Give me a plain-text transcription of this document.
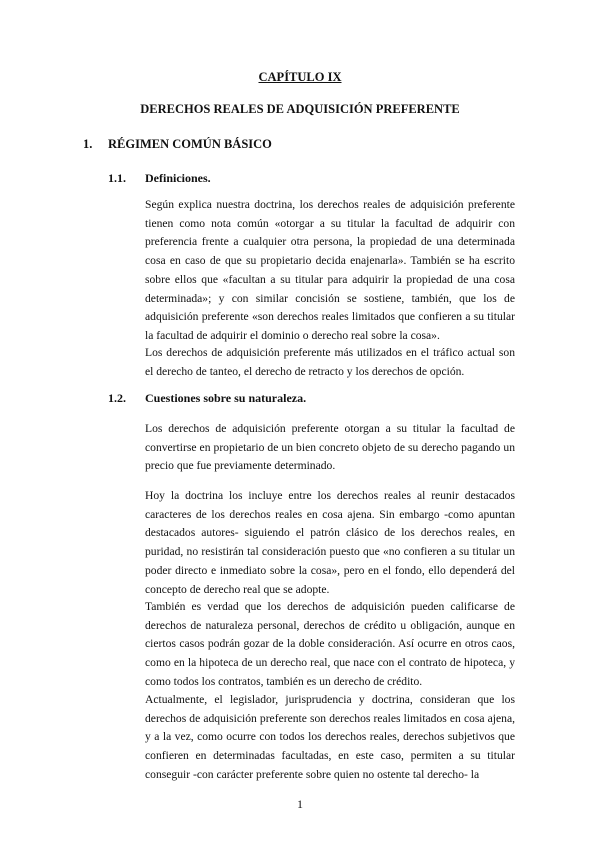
CAPÍTULO IX
DERECHOS REALES DE ADQUISICIÓN PREFERENTE
1. RÉGIMEN COMÚN BÁSICO
1.1. Definiciones.

Según explica nuestra doctrina, los derechos reales de adquisición preferente tienen como nota común «otorgar a su titular la facultad de adquirir con preferencia frente a cualquier otra persona, la propiedad de una determinada cosa en caso de que su propietario decida enajenarla». También se ha escrito sobre ellos que «facultan a su titular para adquirir la propiedad de una cosa determinada»; y con similar concisión se sostiene, también, que los de adquisición preferente «son derechos reales limitados que confieren a su titular la facultad de adquirir el dominio o derecho real sobre la cosa».

Los derechos de adquisición preferente más utilizados en el tráfico actual son el derecho de tanteo, el derecho de retracto y los derechos de opción.

1.2. Cuestiones sobre su naturaleza.

Los derechos de adquisición preferente otorgan a su titular la facultad de convertirse en propietario de un bien concreto objeto de su derecho pagando un precio que fue previamente determinado.

Hoy la doctrina los incluye entre los derechos reales al reunir destacados caracteres de los derechos reales en cosa ajena. Sin embargo -como apuntan destacados autores- siguiendo el patrón clásico de los derechos reales, en puridad, no resistirán tal consideración puesto que «no confieren a su titular un poder directo e inmediato sobre la cosa», pero en el fondo, ello dependerá del concepto de derecho real que se adopte.

También es verdad que los derechos de adquisición pueden calificarse de derechos de naturaleza personal, derechos de crédito u obligación, aunque en ciertos casos podrán gozar de la doble consideración. Así ocurre en otros caos, como en la hipoteca de un derecho real, que nace con el contrato de hipoteca, y como todos los contratos, también es un derecho de crédito.

Actualmente, el legislador, jurisprudencia y doctrina, consideran que los derechos de adquisición preferente son derechos reales limitados en cosa ajena, y a la vez, como ocurre con todos los derechos reales, derechos subjetivos que confieren en determinadas facultadas, en este caso, permiten a su titular conseguir -con carácter preferente sobre quien no ostente tal derecho- la

1
